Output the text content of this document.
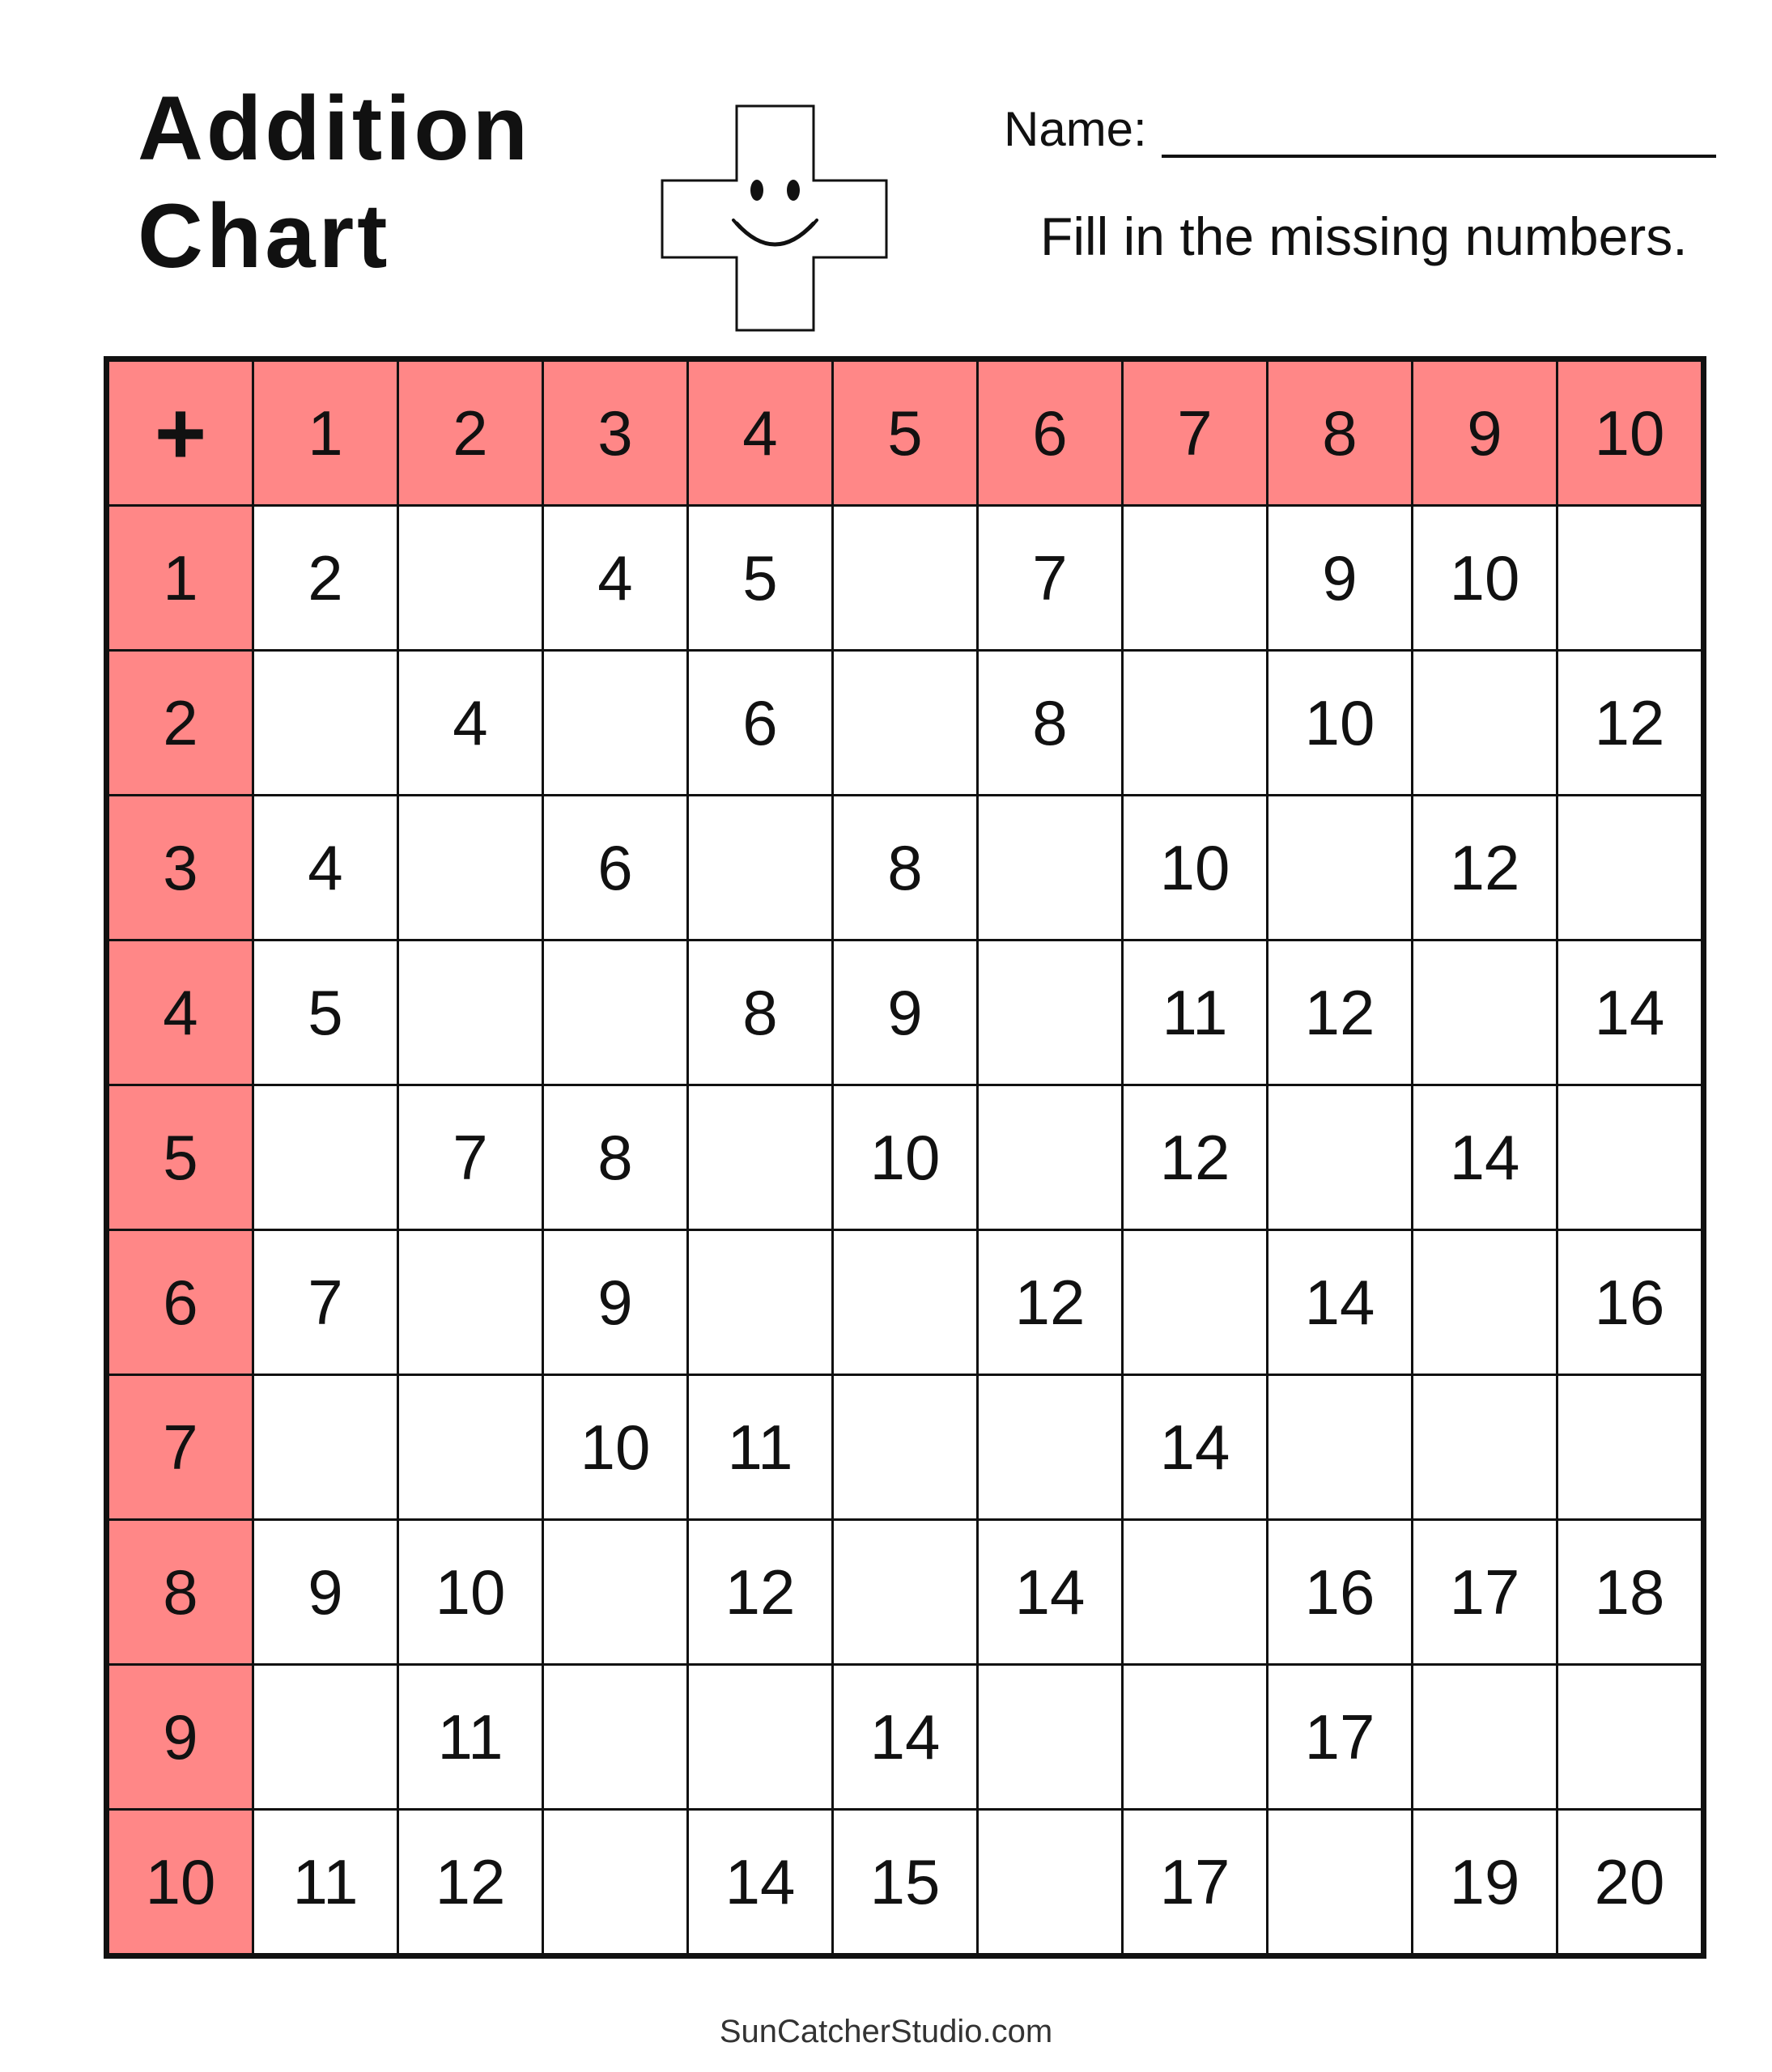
Addition
Chart
Name:
Fill in the missing numbers.
+	1	2	3	4	5	6	7	8	9	10
1	2		4	5		7		9	10	
2		4		6		8		10		12
3	4		6		8		10		12	
4	5			8	9		11	12		14
5		7	8		10		12		14	
6	7		9			12		14		16
7			10	11			14			
8	9	10		12		14		16	17	18
9		11			14			17		
10	11	12		14	15		17		19	20
SunCatcherStudio.com
